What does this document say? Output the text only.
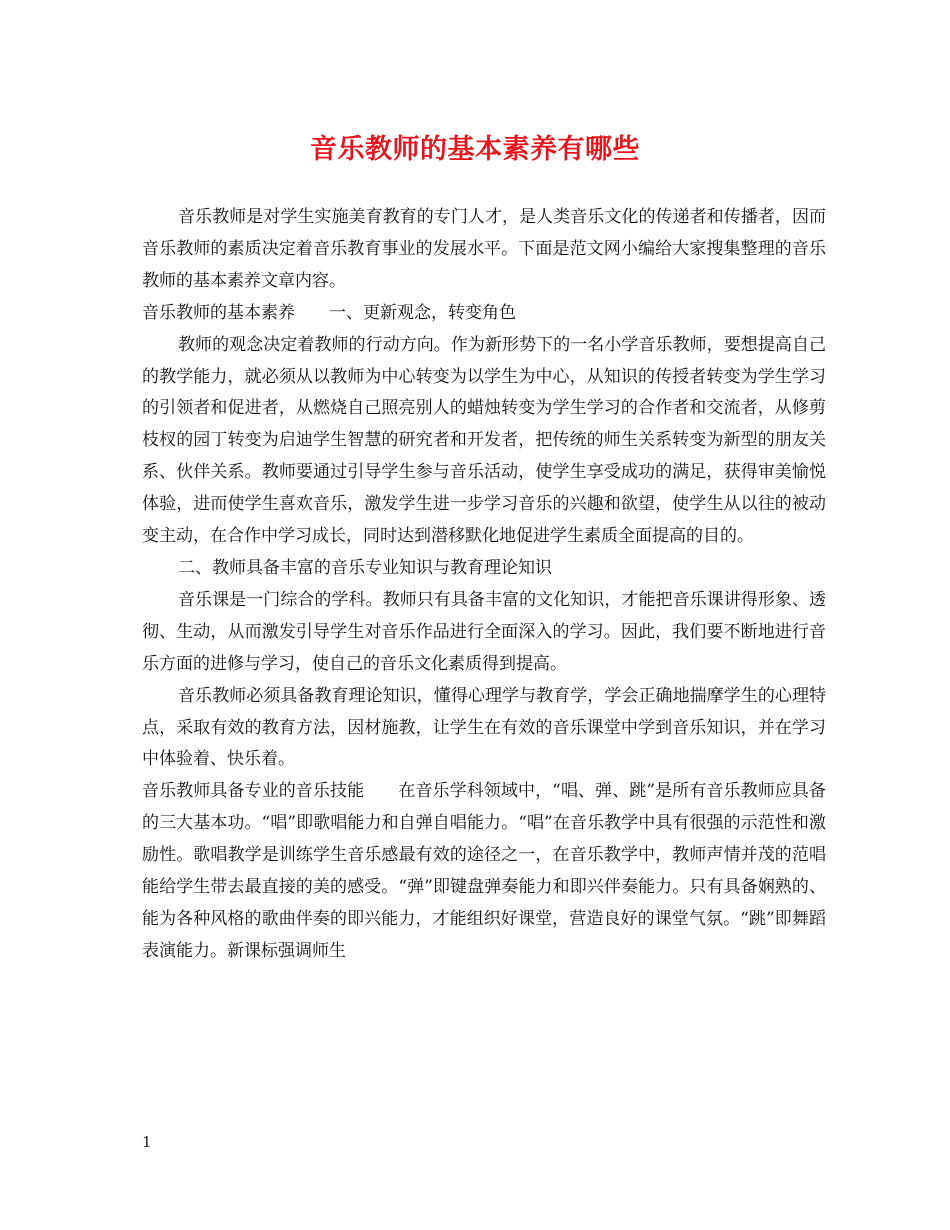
音乐教师的基本素养有哪些

音乐教师是对学生实施美育教育的专门人才，是人类音乐文化的传递者和传播者，因而音乐教师的素质决定着音乐教育事业的发展水平。下面是范文网小编给大家搜集整理的音乐教师的基本素养文章内容。

音乐教师的基本素养　　一、更新观念，转变角色

教师的观念决定着教师的行动方向。作为新形势下的一名小学音乐教师，要想提高自己的教学能力，就必须从以教师为中心转变为以学生为中心，从知识的传授者转变为学生学习的引领者和促进者，从燃烧自己照亮别人的蜡烛转变为学生学习的合作者和交流者，从修剪枝杈的园丁转变为启迪学生智慧的研究者和开发者，把传统的师生关系转变为新型的朋友关系、伙伴关系。教师要通过引导学生参与音乐活动，使学生享受成功的满足，获得审美愉悦体验，进而使学生喜欢音乐，激发学生进一步学习音乐的兴趣和欲望，使学生从以往的被动变主动，在合作中学习成长，同时达到潜移默化地促进学生素质全面提高的目的。

二、教师具备丰富的音乐专业知识与教育理论知识

音乐课是一门综合的学科。教师只有具备丰富的文化知识，才能把音乐课讲得形象、透彻、生动，从而激发引导学生对音乐作品进行全面深入的学习。因此，我们要不断地进行音乐方面的进修与学习，使自己的音乐文化素质得到提高。

音乐教师必须具备教育理论知识，懂得心理学与教育学，学会正确地揣摩学生的心理特点，采取有效的教育方法，因材施教，让学生在有效的音乐课堂中学到音乐知识，并在学习中体验着、快乐着。

音乐教师具备专业的音乐技能　　在音乐学科领域中，“唱、弹、跳”是所有音乐教师应具备的三大基本功。“唱”即歌唱能力和自弹自唱能力。“唱”在音乐教学中具有很强的示范性和激励性。歌唱教学是训练学生音乐感最有效的途径之一，在音乐教学中，教师声情并茂的范唱能给学生带去最直接的美的感受。“弹”即键盘弹奏能力和即兴伴奏能力。只有具备娴熟的、能为各种风格的歌曲伴奏的即兴能力，才能组织好课堂，营造良好的课堂气氛。“跳”即舞蹈表演能力。新课标强调师生

1
